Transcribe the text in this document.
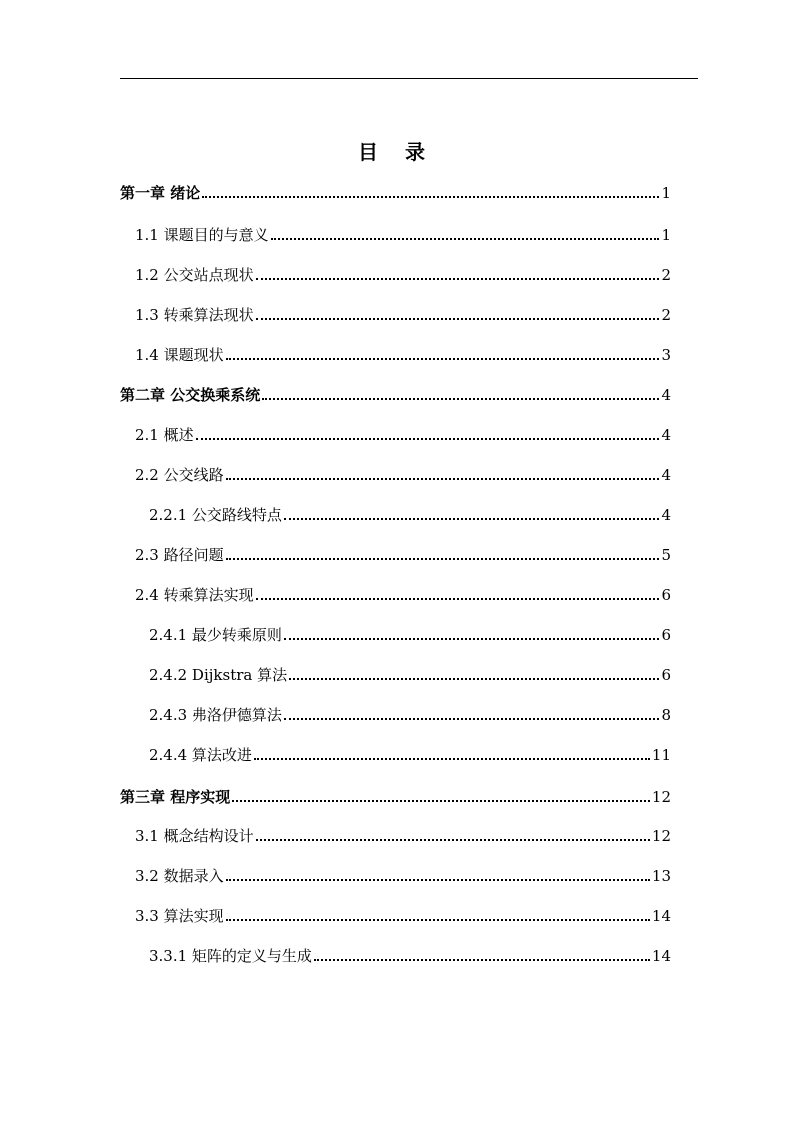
目 录
第一章 绪论	1
1.1 课题目的与意义	1
1.2 公交站点现状	2
1.3 转乘算法现状	2
1.4 课题现状	3
第二章 公交换乘系统	4
2.1 概述	4
2.2 公交线路	4
2.2.1 公交路线特点	4
2.3 路径问题	5
2.4 转乘算法实现	6
2.4.1 最少转乘原则	6
2.4.2 Dijkstra 算法	6
2.4.3 弗洛伊德算法	8
2.4.4 算法改进	11
第三章 程序实现	12
3.1 概念结构设计	12
3.2 数据录入	13
3.3 算法实现	14
3.3.1 矩阵的定义与生成	14
